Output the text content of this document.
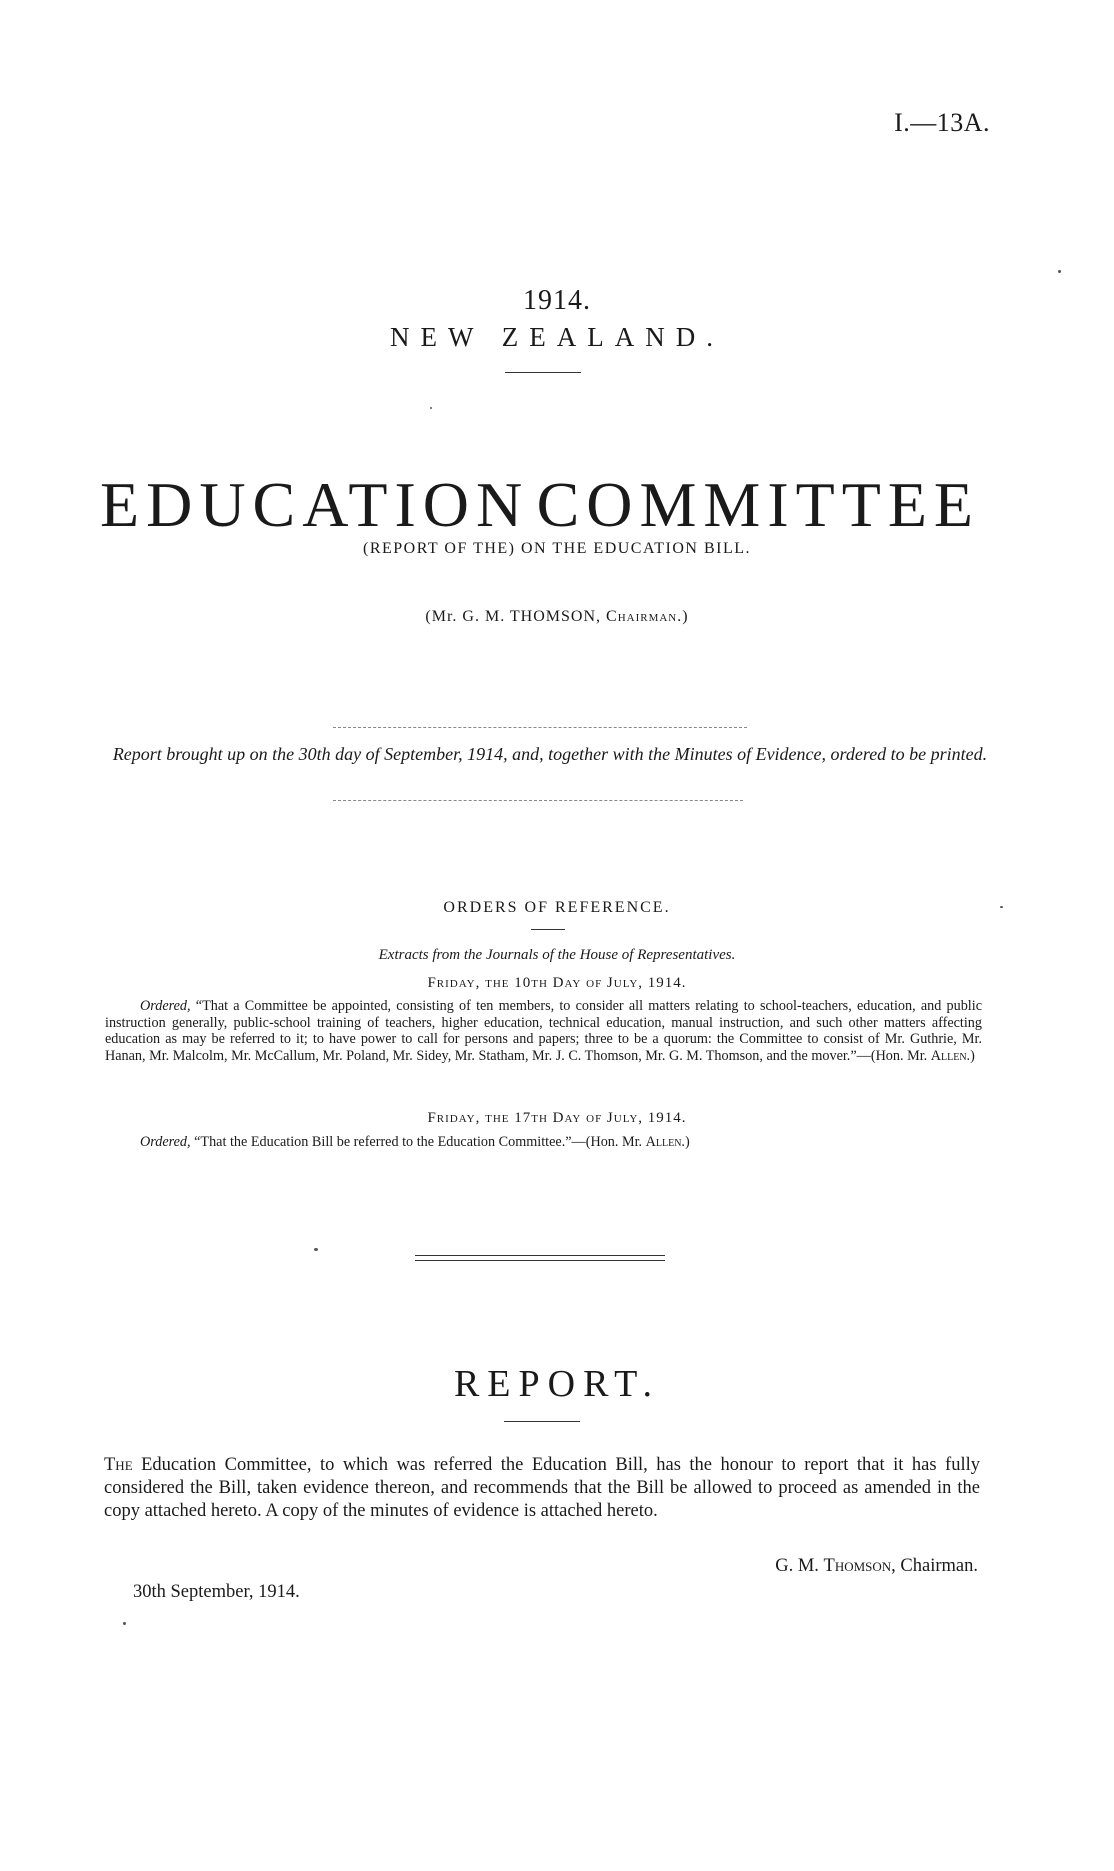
I.—13A.
1914.
NEW ZEALAND.
EDUCATION COMMITTEE
(REPORT OF THE) ON THE EDUCATION BILL.
(Mr. G. M. THOMSON, Chairman.)
Report brought up on the 30th day of September, 1914, and, together with the Minutes of Evidence, ordered to be printed.
ORDERS OF REFERENCE.
Extracts from the Journals of the House of Representatives.
Friday, the 10th Day of July, 1914.
Ordered, “That a Committee be appointed, consisting of ten members, to consider all matters relating to school-teachers, education, and public instruction generally, public-school training of teachers, higher education, technical education, manual instruction, and such other matters affecting education as may be referred to it; to have power to call for persons and papers; three to be a quorum: the Committee to consist of Mr. Guthrie, Mr. Hanan, Mr. Malcolm, Mr. McCallum, Mr. Poland, Mr. Sidey, Mr. Statham, Mr. J. C. Thomson, Mr. G. M. Thomson, and the mover.”—(Hon. Mr. Allen.)
Friday, the 17th Day of July, 1914.
Ordered, “That the Education Bill be referred to the Education Committee.”—(Hon. Mr. Allen.)
REPORT.
The Education Committee, to which was referred the Education Bill, has the honour to report that it has fully considered the Bill, taken evidence thereon, and recommends that the Bill be allowed to proceed as amended in the copy attached hereto. A copy of the minutes of evidence is attached hereto.
G. M. Thomson, Chairman.
30th September, 1914.
